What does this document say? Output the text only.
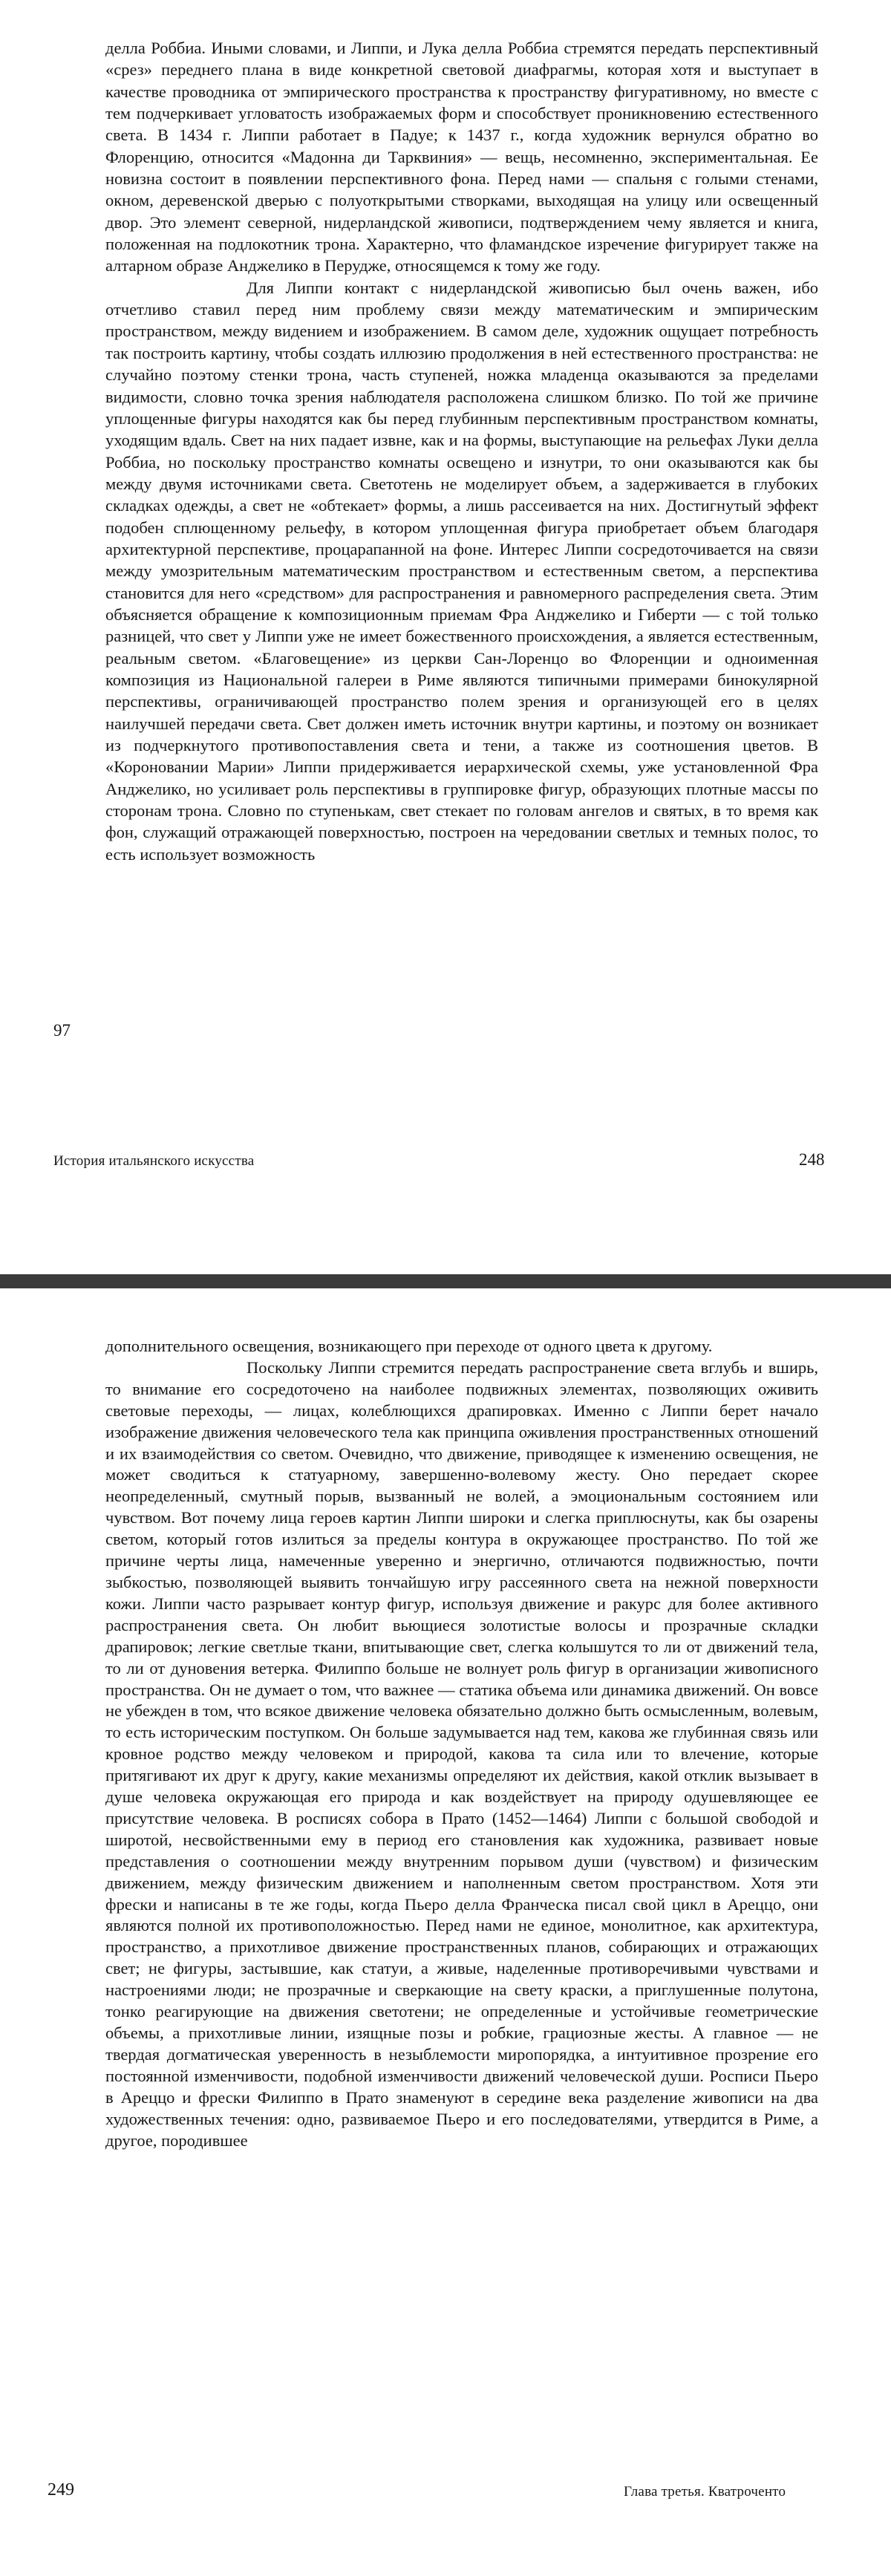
делла Роббиа. Иными словами, и Липпи, и Лука делла Роббиа стремятся передать перспективный «срез» переднего плана в виде конкретной световой диафрагмы, которая хотя и выступает в качестве проводника от эмпирического пространства к пространству фигуративному, но вместе с тем подчеркивает угловатость изображаемых форм и способствует проникновению естественного света. В 1434 г. Липпи работает в Падуе; к 1437 г., когда художник вернулся обратно во Флоренцию, относится «Мадонна ди Тарквиния» — вещь, несомненно, экспериментальная. Ее новизна состоит в появлении перспективного фона. Перед нами — спальня с голыми стенами, окном, деревенской дверью с полуоткрытыми створками, выходящая на улицу или освещенный двор. Это элемент северной, нидерландской живописи, подтверждением чему является и книга, положенная на подлокотник трона. Характерно, что фламандское изречение фигурирует также на алтарном образе Анджелико в Перудже, относящемся к тому же году.

Для Липпи контакт с нидерландской живописью был очень важен, ибо отчетливо ставил перед ним проблему связи между математическим и эмпирическим пространством, между видением и изображением. В самом деле, художник ощущает потребность так построить картину, чтобы создать иллюзию продолжения в ней естественного пространства: не случайно поэтому стенки трона, часть ступеней, ножка младенца оказываются за пределами видимости, словно точка зрения наблюдателя расположена слишком близко. По той же причине уплощенные фигуры находятся как бы перед глубинным перспективным пространством комнаты, уходящим вдаль. Свет на них падает извне, как и на формы, выступающие на рельефах Луки делла Роббиа, но поскольку пространство комнаты освещено и изнутри, то они оказываются как бы между двумя источниками света. Светотень не моделирует объем, а задерживается в глубоких складках одежды, а свет не «обтекает» формы, а лишь рассеивается на них. Достигнутый эффект подобен сплющенному рельефу, в котором уплощенная фигура приобретает объем благодаря архитектурной перспективе, процарапанной на фоне. Интерес Липпи сосредоточивается на связи между умозрительным математическим пространством и естественным светом, а перспектива становится для него «средством» для распространения и равномерного распределения света. Этим объясняется обращение к композиционным приемам Фра Анджелико и Гиберти — с той только разницей, что свет у Липпи уже не имеет божественного происхождения, а является естественным, реальным светом. «Благовещение» из церкви Сан-Лоренцо во Флоренции и одноименная композиция из Национальной галереи в Риме являются типичными примерами бинокулярной перспективы, ограничивающей пространство полем зрения и организующей его в целях наилучшей передачи света. Свет должен иметь источник внутри картины, и поэтому он возникает из подчеркнутого противопоставления света и тени, а также из соотношения цветов. В «Короновании Марии» Липпи придерживается иерархической схемы, уже установленной Фра Анджелико, но усиливает роль перспективы в группировке фигур, образующих плотные массы по сторонам трона. Словно по ступенькам, свет стекает по головам ангелов и святых, в то время как фон, служащий отражающей поверхностью, построен на чередовании светлых и темных полос, то есть использует возможность

97
История итальянского искусства	248

дополнительного освещения, возникающего при переходе от одного цвета к другому.

Поскольку Липпи стремится передать распространение света вглубь и вширь, то внимание его сосредоточено на наиболее подвижных элементах, позволяющих оживить световые переходы, — лицах, колеблющихся драпировках. Именно с Липпи берет начало изображение движения человеческого тела как принципа оживления пространственных отношений и их взаимодействия со светом. Очевидно, что движение, приводящее к изменению освещения, не может сводиться к статуарному, завершенно-волевому жесту. Оно передает скорее неопределенный, смутный порыв, вызванный не волей, а эмоциональным состоянием или чувством. Вот почему лица героев картин Липпи широки и слегка приплюснуты, как бы озарены светом, который готов излиться за пределы контура в окружающее пространство. По той же причине черты лица, намеченные уверенно и энергично, отличаются подвижностью, почти зыбкостью, позволяющей выявить тончайшую игру рассеянного света на нежной поверхности кожи. Липпи часто разрывает контур фигур, используя движение и ракурс для более активного распространения света. Он любит вьющиеся золотистые волосы и прозрачные складки драпировок; легкие светлые ткани, впитывающие свет, слегка колышутся то ли от движений тела, то ли от дуновения ветерка. Филиппо больше не волнует роль фигур в организации живописного пространства. Он не думает о том, что важнее — статика объема или динамика движений. Он вовсе не убежден в том, что всякое движение человека обязательно должно быть осмысленным, волевым, то есть историческим поступком. Он больше задумывается над тем, какова же глубинная связь или кровное родство между человеком и природой, какова та сила или то влечение, которые притягивают их друг к другу, какие механизмы определяют их действия, какой отклик вызывает в душе человека окружающая его природа и как воздействует на природу одушевляющее ее присутствие человека. В росписях собора в Прато (1452—1464) Липпи с большой свободой и широтой, несвойственными ему в период его становления как художника, развивает новые представления о соотношении между внутренним порывом души (чувством) и физическим движением, между физическим движением и наполненным светом пространством. Хотя эти фрески и написаны в те же годы, когда Пьеро делла Франческа писал свой цикл в Ареццо, они являются полной их противоположностью. Перед нами не единое, монолитное, как архитектура, пространство, а прихотливое движение пространственных планов, собирающих и отражающих свет; не фигуры, застывшие, как статуи, а живые, наделенные противоречивыми чувствами и настроениями люди; не прозрачные и сверкающие на свету краски, а приглушенные полутона, тонко реагирующие на движения светотени; не определенные и устойчивые геометрические объемы, а прихотливые линии, изящные позы и робкие, грациозные жесты. А главное — не твердая догматическая уверенность в незыблемости миропорядка, а интуитивное прозрение его постоянной изменчивости, подобной изменчивости движений человеческой души. Росписи Пьеро в Ареццо и фрески Филиппо в Прато знаменуют в середине века разделение живописи на два художественных течения: одно, развиваемое Пьеро и его последователями, утвердится в Риме, а другое, породившее

249	Глава третья. Кватроченто
